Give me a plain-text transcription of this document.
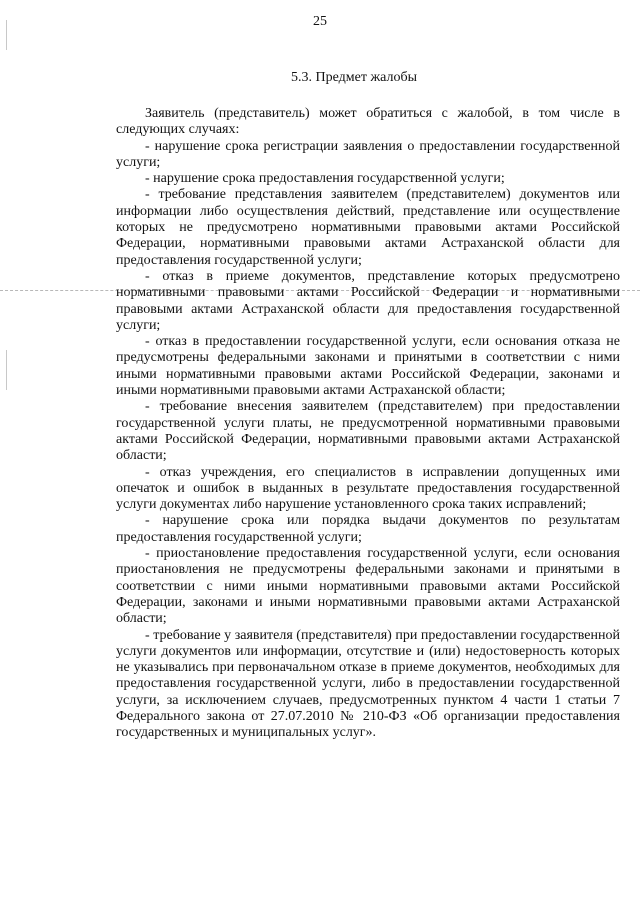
25
5.3. Предмет жалобы

Заявитель (представитель) может обратиться с жалобой, в том числе в следующих случаях:

- нарушение срока регистрации заявления о предоставлении государственной услуги;

- нарушение срока предоставления государственной услуги;

- требование представления заявителем (представителем) документов или информации либо осуществления действий, представление или осуществление которых не предусмотрено нормативными правовыми актами Российской Федерации, нормативными правовыми актами Астраханской области для предоставления государственной услуги;

- отказ в приеме документов, представление которых предусмотрено нормативными правовыми актами Российской Федерации и нормативными правовыми актами Астраханской области для предоставления государственной услуги;

- отказ в предоставлении государственной услуги, если основания отказа не предусмотрены федеральными законами и принятыми в соответствии с ними иными нормативными правовыми актами Российской Федерации, законами и иными нормативными правовыми актами Астраханской области;

- требование внесения заявителем (представителем) при предоставлении государственной услуги платы, не предусмотренной нормативными правовыми актами Российской Федерации, нормативными правовыми актами Астраханской области;

- отказ учреждения, его специалистов в исправлении допущенных ими опечаток и ошибок в выданных в результате предоставления государственной услуги документах либо нарушение установленного срока таких исправлений;

- нарушение срока или порядка выдачи документов по результатам предоставления государственной услуги;

- приостановление предоставления государственной услуги, если основания приостановления не предусмотрены федеральными законами и принятыми в соответствии с ними иными нормативными правовыми актами Российской Федерации, законами и иными нормативными правовыми актами Астраханской области;

- требование у заявителя (представителя) при предоставлении государственной услуги документов или информации, отсутствие и (или) недостоверность которых не указывались при первоначальном отказе в приеме документов, необходимых для предоставления государственной услуги, либо в предоставлении государственной услуги, за исключением случаев, предусмотренных пунктом 4 части 1 статьи 7 Федерального закона от 27.07.2010 № 210-ФЗ «Об организации предоставления государственных и муниципальных услуг».
